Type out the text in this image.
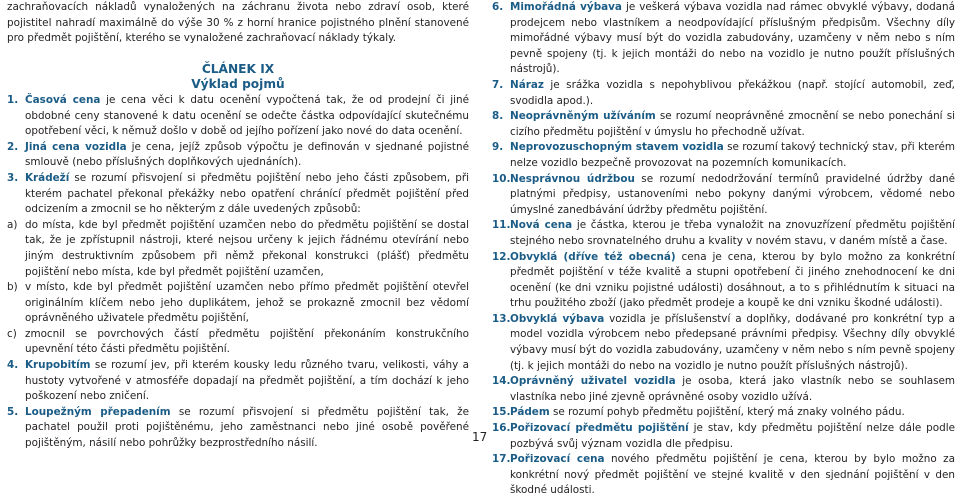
zachraňovacích nákladů vynaložených na záchranu života nebo zdraví osob, které pojistitel nahradí maximálně do výše 30 % z horní hranice pojistného plnění stanovené pro předmět pojištění, kterého se vynaložené zachraňovací náklady týkaly.

ČLÁNEK IX
Výklad pojmů
1. Časová cena je cena věci k datu ocenění vypočtená tak, že od prodejní či jiné obdobné ceny stanovené k datu ocenění se odečte částka odpovídající skutečnému opotřebení věci, k němuž došlo v době od jejího pořízení jako nové do data ocenění.
2. Jiná cena vozidla je cena, jejíž způsob výpočtu je definován v sjednané pojistné smlouvě (nebo příslušných doplňkových ujednáních).
3. Krádeží se rozumí přisvojení si předmětu pojištění nebo jeho části způsobem, při kterém pachatel překonal překážky nebo opatření chránící předmět pojištění před odcizením a zmocnil se ho některým z dále uvedených způsobů:
a) do místa, kde byl předmět pojištění uzamčen nebo do předmětu pojištění se dostal tak, že je zpřístupnil nástroji, které nejsou určeny k jejich řádnému otevírání nebo jiným destruktivním způsobem při němž překonal konstrukci (plášť) předmětu pojištění nebo místa, kde byl předmět pojištění uzamčen,
b) v místo, kde byl předmět pojištění uzamčen nebo přímo předmět pojištění otevřel originálním klíčem nebo jeho duplikátem, jehož se prokazně zmocnil bez vědomí oprávněného uživatele předmětu pojištění,
c) zmocnil se povrchových částí předmětu pojištění překonáním konstrukčního upevnění této části předmětu pojištění.
4. Krupobitím se rozumí jev, při kterém kousky ledu různého tvaru, velikosti, váhy a hustoty vytvořené v atmosféře dopadají na předmět pojištění, a tím dochází k jeho poškození nebo zničení.
5. Loupežným přepadením se rozumí přisvojení si předmětu pojištění tak, že pachatel použil proti pojištěnému, jeho zaměstnanci nebo jiné osobě pověřené pojištěným, násilí nebo pohrůžky bezprostředního násilí.	17
6. Mimořádná výbava je veškerá výbava vozidla nad rámec obvyklé výbavy, dodaná prodejcem nebo vlastníkem a neodpovídající příslušným předpisům. Všechny díly mimořádné výbavy musí být do vozidla zabudovány, uzamčeny v něm nebo s ním pevně spojeny (tj. k jejich montáži do nebo na vozidlo je nutno použít příslušných nástrojů).
7. Náraz je srážka vozidla s nepohyblivou překážkou (např. stojící automobil, zeď, svodidla apod.).
8. Neoprávněným užíváním se rozumí neoprávněné zmocnění se nebo ponechání si cizího předmětu pojištění v úmyslu ho přechodně užívat.
9. Neprovozuschopným stavem vozidla se rozumí takový technický stav, při kterém nelze vozidlo bezpečně provozovat na pozemních komunikacích.
10. Nesprávnou údržbou se rozumí nedodržování termínů pravidelné údržby dané platnými předpisy, ustanoveními nebo pokyny danými výrobcem, vědomé nebo úmyslné zanedbávání údržby předmětu pojištění.
11. Nová cena je částka, kterou je třeba vynaložit na znovuzřízení předmětu pojištění stejného nebo srovnatelného druhu a kvality v novém stavu, v daném místě a čase.
12. Obvyklá (dříve též obecná) cena je cena, kterou by bylo možno za konkrétní předmět pojištění v téže kvalitě a stupni opotřebení či jiného znehodnocení ke dni ocenění (ke dni vzniku pojistné události) dosáhnout, a to s přihlédnutím k situaci na trhu použitého zboží (jako předmět prodeje a koupě ke dni vzniku škodné události).
13. Obvyklá výbava vozidla je příslušenství a doplňky, dodávané pro konkrétní typ a model vozidla výrobcem nebo předepsané právními předpisy. Všechny díly obvyklé výbavy musí být do vozidla zabudovány, uzamčeny v něm nebo s ním pevně spojeny (tj. k jejich montáži do nebo na vozidlo je nutno použít příslušných nástrojů).
14. Oprávněný uživatel vozidla je osoba, která jako vlastník nebo se souhlasem vlastníka nebo jiné zjevně oprávněné osoby vozidlo užívá.
15. Pádem se rozumí pohyb předmětu pojištění, který má znaky volného pádu.
16. Pořizovací předmětu pojištění je stav, kdy předmětu pojištění nelze dále podle pozbývá svůj význam vozidla dle předpisu.
17. Pořizovací cena nového předmětu pojištění je cena, kterou by bylo možno za konkrétní nový předmět pojištění ve stejné kvalitě v den sjednání pojištění v den škodné události.
